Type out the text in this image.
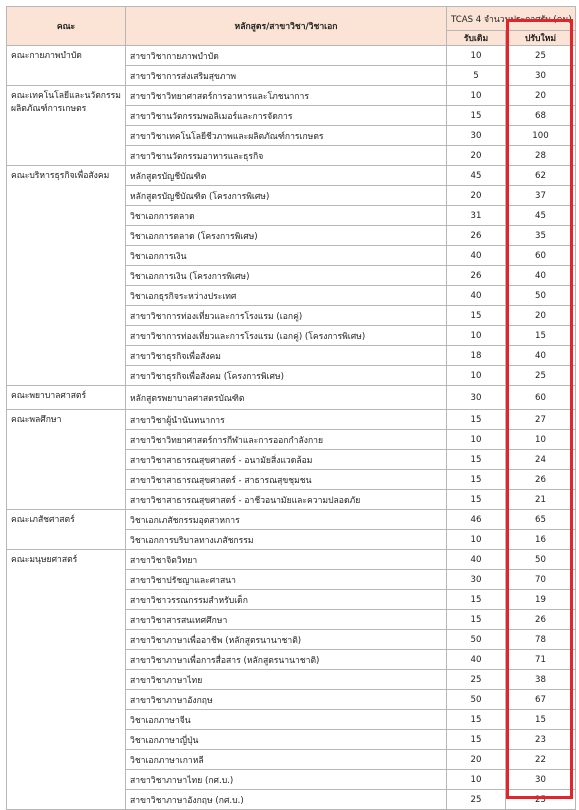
คณะ	หลักสูตร/สาขาวิชา/วิชาเอก	TCAS 4 จำนวนประกาศรับ (คน)	
		รับเดิม	ปรับใหม่
คณะกายภาพบำบัด	สาขาวิชากายภาพบำบัด	10	25
	สาขาวิชาการส่งเสริมสุขภาพ	5	30
คณะเทคโนโลยีและนวัตกรรมผลิตภัณฑ์การเกษตร	สาขาวิชาวิทยาศาสตร์การอาหารและโภชนาการ	10	20
	สาขาวิชานวัตกรรมพอลิเมอร์และการจัดการ	15	68
	สาขาวิชาเทคโนโลยีชีวภาพและผลิตภัณฑ์การเกษตร	30	100
	สาขาวิชานวัตกรรมอาหารและธุรกิจ	20	28
คณะบริหารธุรกิจเพื่อสังคม	หลักสูตรบัญชีบัณฑิต	45	62
	หลักสูตรบัญชีบัณฑิต (โครงการพิเศษ)	20	37
	วิชาเอกการตลาด	31	45
	วิชาเอกการตลาด (โครงการพิเศษ)	26	35
	วิชาเอกการเงิน	40	60
	วิชาเอกการเงิน (โครงการพิเศษ)	26	40
	วิชาเอกธุรกิจระหว่างประเทศ	40	50
	สาขาวิชาการท่องเที่ยวและการโรงแรม (เอกคู่)	15	20
	สาขาวิชาการท่องเที่ยวและการโรงแรม (เอกคู่) (โครงการพิเศษ)	10	15
	สาขาวิชาธุรกิจเพื่อสังคม	18	40
	สาขาวิชาธุรกิจเพื่อสังคม (โครงการพิเศษ)	10	25
คณะพยาบาลศาสตร์	หลักสูตรพยาบาลศาสตรบัณฑิต	30	60
คณะพลศึกษา	สาขาวิชาผู้นำนันทนาการ	15	27
	สาขาวิชาวิทยาศาสตร์การกีฬาและการออกกำลังกาย	10	10
	สาขาวิชาสาธารณสุขศาสตร์ - อนามัยสิ่งแวดล้อม	15	24
	สาขาวิชาสาธารณสุขศาสตร์ - สาธารณสุขชุมชน	15	26
	สาขาวิชาสาธารณสุขศาสตร์ - อาชีวอนามัยและความปลอดภัย	15	21
คณะเภสัชศาสตร์	วิชาเอกเภสัชกรรมอุตสาหการ	46	65
	วิชาเอกการบริบาลทางเภสัชกรรม	10	16
คณะมนุษยศาสตร์	สาขาวิชาจิตวิทยา	40	50
	สาขาวิชาปรัชญาและศาสนา	30	70
	สาขาวิชาวรรณกรรมสำหรับเด็ก	15	19
	สาขาวิชาสารสนเทศศึกษา	15	26
	สาขาวิชาภาษาเพื่ออาชีพ (หลักสูตรนานาชาติ)	50	78
	สาขาวิชาภาษาเพื่อการสื่อสาร (หลักสูตรนานาชาติ)	40	71
	สาขาวิชาภาษาไทย	25	38
	สาขาวิชาภาษาอังกฤษ	50	67
	วิชาเอกภาษาจีน	15	15
	วิชาเอกภาษาญี่ปุ่น	15	23
	วิชาเอกภาษาเกาหลี	20	22
	สาขาวิชาภาษาไทย (กศ.บ.)	10	30
	สาขาวิชาภาษาอังกฤษ (กศ.บ.)	25	25
